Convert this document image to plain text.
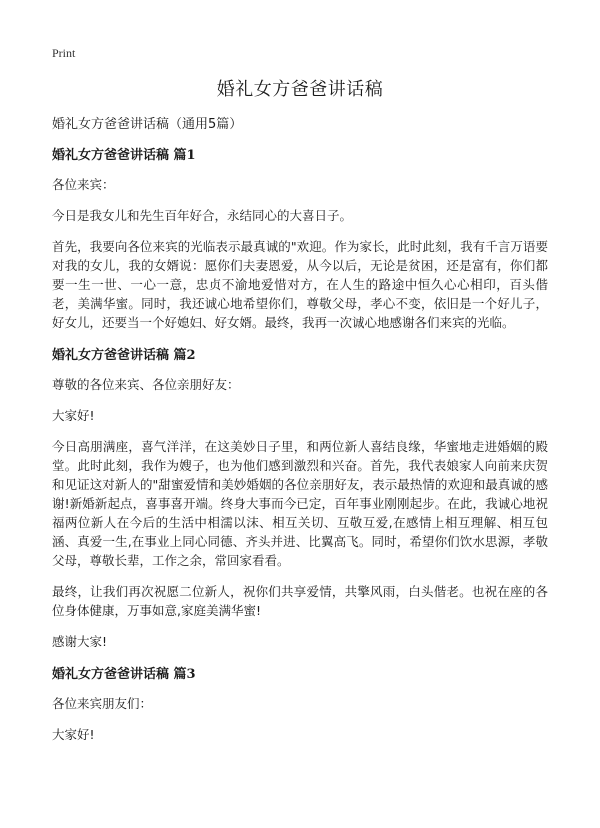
Print
婚礼女方爸爸讲话稿

婚礼女方爸爸讲话稿（通用5篇）

婚礼女方爸爸讲话稿 篇1

各位来宾：

今日是我女儿和先生百年好合，永结同心的大喜日子。

首先，我要向各位来宾的光临表示最真诚的"欢迎。作为家长，此时此刻，我有千言万语要对我的女儿，我的女婿说：愿你们夫妻恩爱，从今以后，无论是贫困，还是富有，你们都要一生一世、一心一意，忠贞不渝地爱惜对方，在人生的路途中恒久心心相印，百头偕老，美满华蜜。同时，我还诚心地希望你们，尊敬父母，孝心不变，依旧是一个好儿子，好女儿，还要当一个好媳妇、好女婿。最终，我再一次诚心地感谢各们来宾的光临。

婚礼女方爸爸讲话稿 篇2

尊敬的各位来宾、各位亲朋好友：

大家好!

今日高朋满座，喜气洋洋，在这美妙日子里，和两位新人喜结良缘，华蜜地走进婚姻的殿堂。此时此刻，我作为嫂子，也为他们感到激烈和兴奋。首先，我代表娘家人向前来庆贺和见证这对新人的"甜蜜爱情和美妙婚姻的各位亲朋好友，表示最热情的欢迎和最真诚的感谢!新婚新起点，喜事喜开端。终身大事而今已定，百年事业刚刚起步。在此，我诚心地祝福两位新人在今后的生活中相濡以沫、相互关切、互敬互爱,在感情上相互理解、相互包涵、真爱一生,在事业上同心同德、齐头并进、比翼高飞。同时，希望你们饮水思源，孝敬父母，尊敬长辈，工作之余，常回家看看。

最终，让我们再次祝愿二位新人，祝你们共享爱情，共擎风雨，白头偕老。也祝在座的各位身体健康，万事如意,家庭美满华蜜!

感谢大家!

婚礼女方爸爸讲话稿 篇3

各位来宾朋友们：

大家好!
